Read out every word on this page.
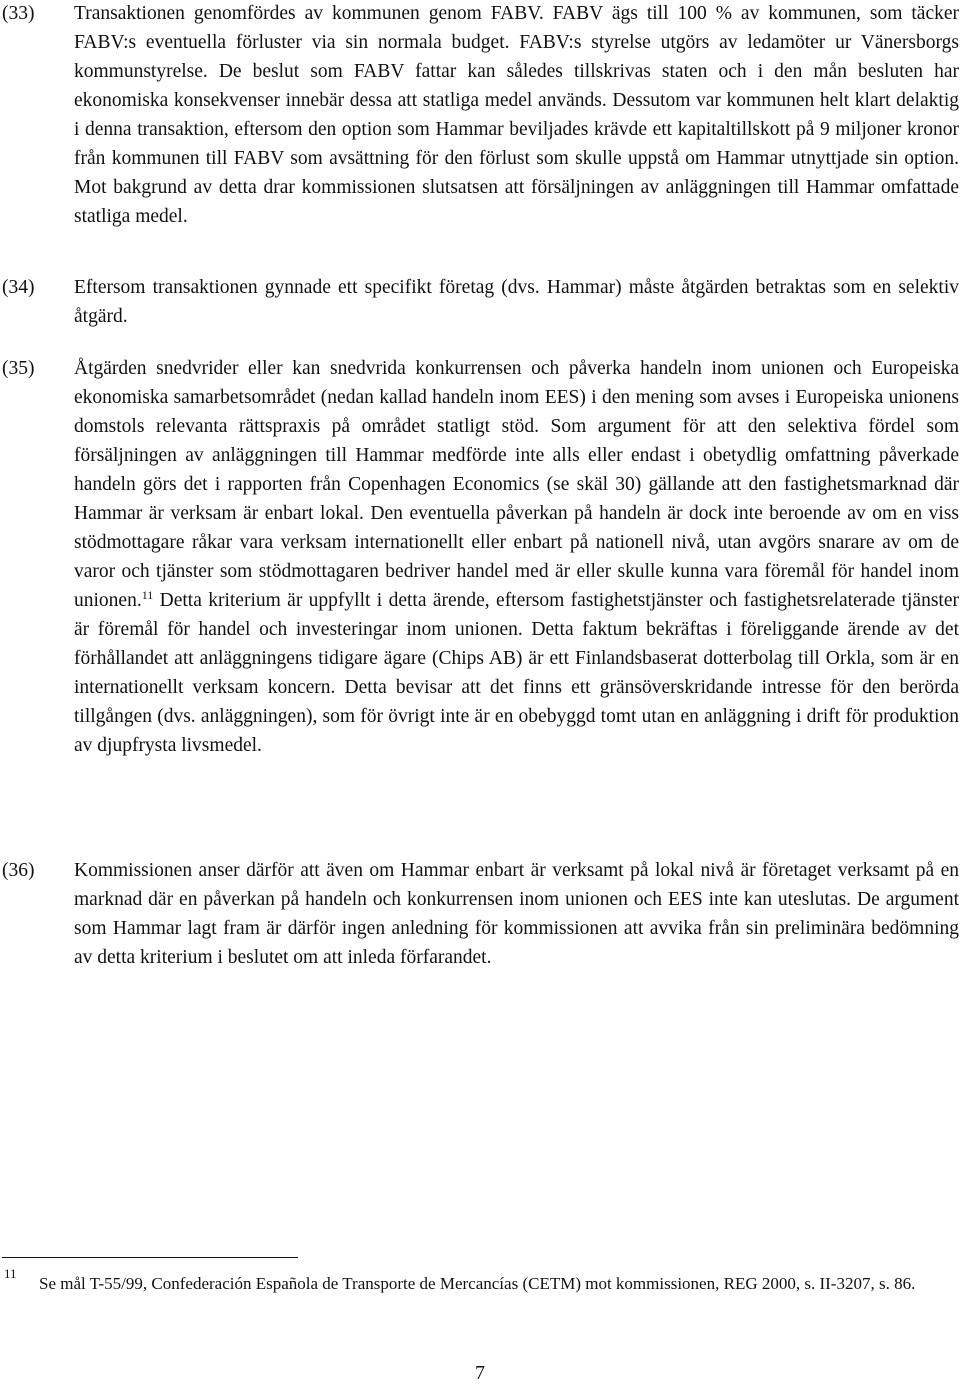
(33) Transaktionen genomfördes av kommunen genom FABV. FABV ägs till 100 % av kommunen, som täcker FABV:s eventuella förluster via sin normala budget. FABV:s styrelse utgörs av ledamöter ur Vänersborgs kommunstyrelse. De beslut som FABV fattar kan således tillskrivas staten och i den mån besluten har ekonomiska konsekvenser innebär dessa att statliga medel används. Dessutom var kommunen helt klart delaktig i denna transaktion, eftersom den option som Hammar beviljades krävde ett kapitaltillskott på 9 miljoner kronor från kommunen till FABV som avsättning för den förlust som skulle uppstå om Hammar utnyttjade sin option. Mot bakgrund av detta drar kommissionen slutsatsen att försäljningen av anläggningen till Hammar omfattade statliga medel.
(34) Eftersom transaktionen gynnade ett specifikt företag (dvs. Hammar) måste åtgärden betraktas som en selektiv åtgärd.
(35) Åtgärden snedvrider eller kan snedvrida konkurrensen och påverka handeln inom unionen och Europeiska ekonomiska samarbetsområdet (nedan kallad handeln inom EES) i den mening som avses i Europeiska unionens domstols relevanta rättspraxis på området statligt stöd. Som argument för att den selektiva fördel som försäljningen av anläggningen till Hammar medförde inte alls eller endast i obetydlig omfattning påverkade handeln görs det i rapporten från Copenhagen Economics (se skäl 30) gällande att den fastighetsmarknad där Hammar är verksam är enbart lokal. Den eventuella påverkan på handeln är dock inte beroende av om en viss stödmottagare råkar vara verksam internationellt eller enbart på nationell nivå, utan avgörs snarare av om de varor och tjänster som stödmottagaren bedriver handel med är eller skulle kunna vara föremål för handel inom unionen.$^{11}$ Detta kriterium är uppfyllt i detta ärende, eftersom fastighetstjänster och fastighetsrelaterade tjänster är föremål för handel och investeringar inom unionen. Detta faktum bekräftas i föreliggande ärende av det förhållandet att anläggningens tidigare ägare (Chips AB) är ett Finlandsbaserat dotterbolag till Orkla, som är en internationellt verksam koncern. Detta bevisar att det finns ett gränsöverskridande intresse för den berörda tillgången (dvs. anläggningen), som för övrigt inte är en obebyggd tomt utan en anläggning i drift för produktion av djupfrysta livsmedel.
(36) Kommissionen anser därför att även om Hammar enbart är verksamt på lokal nivå är företaget verksamt på en marknad där en påverkan på handeln och konkurrensen inom unionen och EES inte kan uteslutas. De argument som Hammar lagt fram är därför ingen anledning för kommissionen att avvika från sin preliminära bedömning av detta kriterium i beslutet om att inleda förfarandet.
11
Se mål T-55/99, Confederación Española de Transporte de Mercancías (CETM) mot kommissionen, REG 2000, s. II-3207, s. 86.
7
